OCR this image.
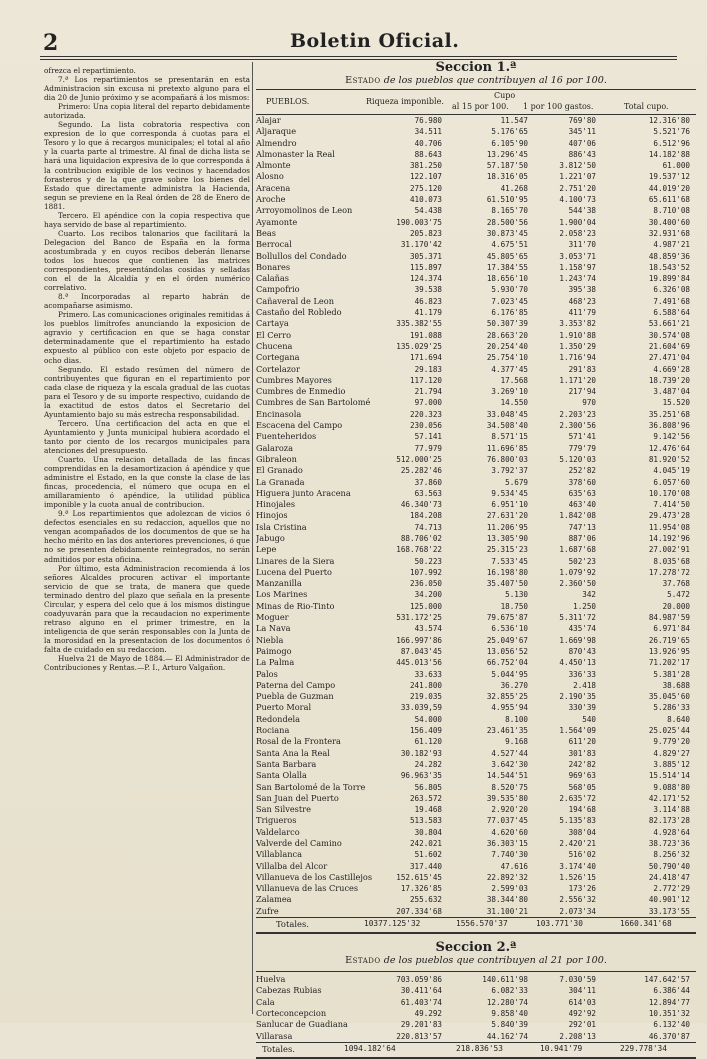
2	Boletin Oficial.

ofrezca el repartimiento.

7.ª Los repartimientos se presentarán en esta Administracion sin excusa ni pretexto alguno para el dia 20 de Junio próximo y se acompañará á los mismos:

Primero: Una copia literal del reparto debidamente autorizada.

Segundo. La lista cobratoria respectiva con expresion de lo que corresponda á cuotas para el Tesoro y lo que á recargos municipales; el total al año y la cuarta parte al trimestre. Al final de dicha lista se hará una liquidacion expresiva de lo que corresponda á la contribucion exigible de los vecinos y hacendados forasteros y de la que grave sobre los bienes del Estado que directamente administra la Hacienda, segun se previene en la Real órden de 28 de Enero de 1881.

Tercero. El apéndice con la copia respectiva que haya servido de base al repartimiento.

Cuarto. Los recibos talonarios que facilitará la Delegacion del Banco de España en la forma acostumbrada y en cuyos recibos deberán llenarse todos los huecos que contienen las matrices correspondientes, presentándolas cosidas y selladas con el de la Alcaldía y en el órden numérico correlativo.

8.ª Incorporadas al reparto habrán de acompañarse asimismo.

Primero. Las comunicaciones originales remitidas á los pueblos limítrofes anunciando la exposicion de agravio y certificacion en que se haga constar determinadamente que el repartimiento ha estado expuesto al público con este objeto por espacio de ocho dias.

Segundo. El estado resúmen del número de contribuyentes que figuran en el repartimiento por cada clase de riqueza y la escala gradual de las cuotas para el Tesoro y de su importe respectivo, cuidando de la exactitud de estos datos el Secretario del Ayuntamiento bajo su más estrecha responsabilidad.

Tercero. Una certificacion del acta en que el Ayuntamiento y Junta municipal hubiera acordado el tanto por ciento de los recargos municipales para atenciones del presupuesto.

Cuarto. Una relacion detallada de las fincas comprendidas en la desamortizacion á apéndice y que administre el Estado, en la que conste la clase de las fincas, procedencia, el número que ocupa en el amillaramiento ó apéndice, la utilidad pública imponible y la cuota anual de contribucion.

9.ª Los repartimientos que adolezcan de vicios ó defectos esenciales en su redaccion, aquellos que no vengan acompañados de los documentos de que se ha hecho mérito en las dos anteriores prevenciones, ó que no se presenten debidamente reintegrados, no serán admitidos por esta oficina.

Por último, esta Administracion recomienda á los señores Alcaldes procuren activar el importante servicio de que se trata, de manera que quede terminado dentro del plazo que señala en la presente Circular, y espera del celo que á los mismos distingue coadyuvarán para que la recaudacion no experimente retraso alguno en el primer trimestre, en la inteligencia de que serán responsables con la Junta de la morosidad en la presentacion de los documentos ó falta de cuidado en su redaccion.

Huelva 21 de Mayo de 1884.— El Administrador de Contribuciones y Rentas.—P. I., Arturo Valgañon.

Seccion 1.ª
Estado de los pueblos que contribuyen al 16 por 100.
PUEBLOS.	Riqueza imponible.
Cupo
al 15 por 100. 1 por 100 gastos.	Total cupo.
Alajar	76.980	11.547	769'80	12.316'80
Aljaraque	34.511	5.176'65	345'11	5.521'76
Almendro	40.706	6.105'90	407'06	6.512'96
Almonaster la Real	88.643	13.296'45	886'43	14.182'88
Almonte	381.250	57.187'50	3.812'50	61.000
Alosno	122.107	18.316'05	1.221'07	19.537'12
Aracena	275.120	41.268	2.751'20	44.019'20
Aroche	410.073	61.510'95	4.100'73	65.611'68
Arroyomolinos de Leon	54.438	8.165'70	544'38	8.710'08
Ayamonte	190.003'75	28.500'56	1.900'04	30.400'60
Beas	205.823	30.873'45	2.058'23	32.931'68
Berrocal	31.170'42	4.675'51	311'70	4.987'21
Bollullos del Condado	305.371	45.805'65	3.053'71	48.859'36
Bonares	115.897	17.384'55	1.158'97	18.543'52
Calañas	124.374	18.656'10	1.243'74	19.899'84
Campofrio	39.538	5.930'70	395'38	6.326'08
Cañaveral de Leon	46.823	7.023'45	468'23	7.491'68
Castaño del Robledo	41.179	6.176'85	411'79	6.588'64
Cartaya	335.382'55	50.307'39	3.353'82	53.661'21
El Cerro	191.088	28.663'20	1.910'88	30.574'08
Chucena	135.029'25	20.254'40	1.350'29	21.604'69
Cortegana	171.694	25.754'10	1.716'94	27.471'04
Cortelazor	29.183	4.377'45	291'83	4.669'28
Cumbres Mayores	117.120	17.568	1.171'20	18.739'20
Cumbres de Enmedio	21.794	3.269'10	217'94	3.487'04
Cumbres de San Bartolomé	97.000	14.550	970	15.520
Encinasola	220.323	33.048'45	2.203'23	35.251'68
Escacena del Campo	230.056	34.508'40	2.300'56	36.808'96
Fuenteheridos	57.141	8.571'15	571'41	9.142'56
Galaroza	77.979	11.696'85	779'79	12.476'64
Gibraleon	512.000'25	76.800'03	5.120'03	81.920'52
El Granado	25.282'46	3.792'37	252'82	4.045'19
La Granada	37.860	5.679	378'60	6.057'60
Higuera junto Aracena	63.563	9.534'45	635'63	10.170'08
Hinojales	46.340'73	6.951'10	463'40	7.414'50
Hinojos	184.208	27.631'20	1.842'08	29.473'28
Isla Cristina	74.713	11.206'95	747'13	11.954'08
Jabugo	88.706'02	13.305'90	887'06	14.192'96
Lepe	168.768'22	25.315'23	1.687'68	27.002'91
Linares de la Siera	50.223	7.533'45	502'23	8.035'68
Lucena del Puerto	107.992	16.198'80	1.079'92	17.278'72
Manzanilla	236.050	35.407'50	2.360'50	37.768
Los Marines	34.200	5.130	342	5.472
Minas de Rio-Tinto	125.000	18.750	1.250	20.000
Moguer	531.172'25	79.675'87	5.311'72	84.987'59
La Nava	43.574	6.536'10	435'74	6.971'84
Niebla	166.997'86	25.049'67	1.669'98	26.719'65
Paimogo	87.043'45	13.056'52	870'43	13.926'95
La Palma	445.013'56	66.752'04	4.450'13	71.202'17
Palos	33.633	5.044'95	336'33	5.381'28
Paterna del Campo	241.800	36.270	2.418	38.688
Puebla de Guzman	219.035	32.855'25	2.190'35	35.045'60
Puerto Moral	33.039,59	4.955'94	330'39	5.286'33
Redondela	54.000	8.100	540	8.640
Rociana	156.409	23.461'35	1.564'09	25.025'44
Rosal de la Frontera	61.120	9.168	611'20	9.779'20
Santa Ana la Real	30.182'93	4.527'44	301'83	4.829'27
Santa Barbara	24.282	3.642'30	242'82	3.885'12
Santa Olalla	96.963'35	14.544'51	969'63	15.514'14
San Bartolomé de la Torre	56.805	8.520'75	568'05	9.088'80
San Juan del Puerto	263.572	39.535'80	2.635'72	42.171'52
San Silvestre	19.468	2.920'20	194'68	3.114'88
Trigueros	513.583	77.037'45	5.135'83	82.173'28
Valdelarco	30.804	4.620'60	308'04	4.928'64
Valverde del Camino	242.021	36.303'15	2.420'21	38.723'36
Villablanca	51.602	7.740'30	516'02	8.256'32
Villalba del Alcor	317.440	47.616	3.174'40	50.790'40
Villanueva de los Castillejos	152.615'45	22.892'32	1.526'15	24.418'47
Villanueva de las Cruces	17.326'85	2.599'03	173'26	2.772'29
Zalamea	255.632	38.344'80	2.556'32	40.901'12
Zufre	207.334'68	31.100'21	2.073'34	33.173'55
Totales.	10377.125'32	1556.570'37	103.771'30	1660.341'68
Seccion 2.ª
Estado de los pueblos que contribuyen al 21 por 100.
Huelva	703.059'86	140.611'98	7.030'59	147.642'57
Cabezas Rubias	30.411'64	6.082'33	304'11	6.386'44
Cala	61.403'74	12.280'74	614'03	12.894'77
Corteconcepcion	49.292	9.858'40	492'92	10.351'32
Sanlucar de Guadiana	29.201'83	5.840'39	292'01	6.132'40
Villarasa	220.813'57	44.162'74	2.208'13	46.370'87
Totales.	1094.182'64	218.836'53	10.941'79	229.778'34
